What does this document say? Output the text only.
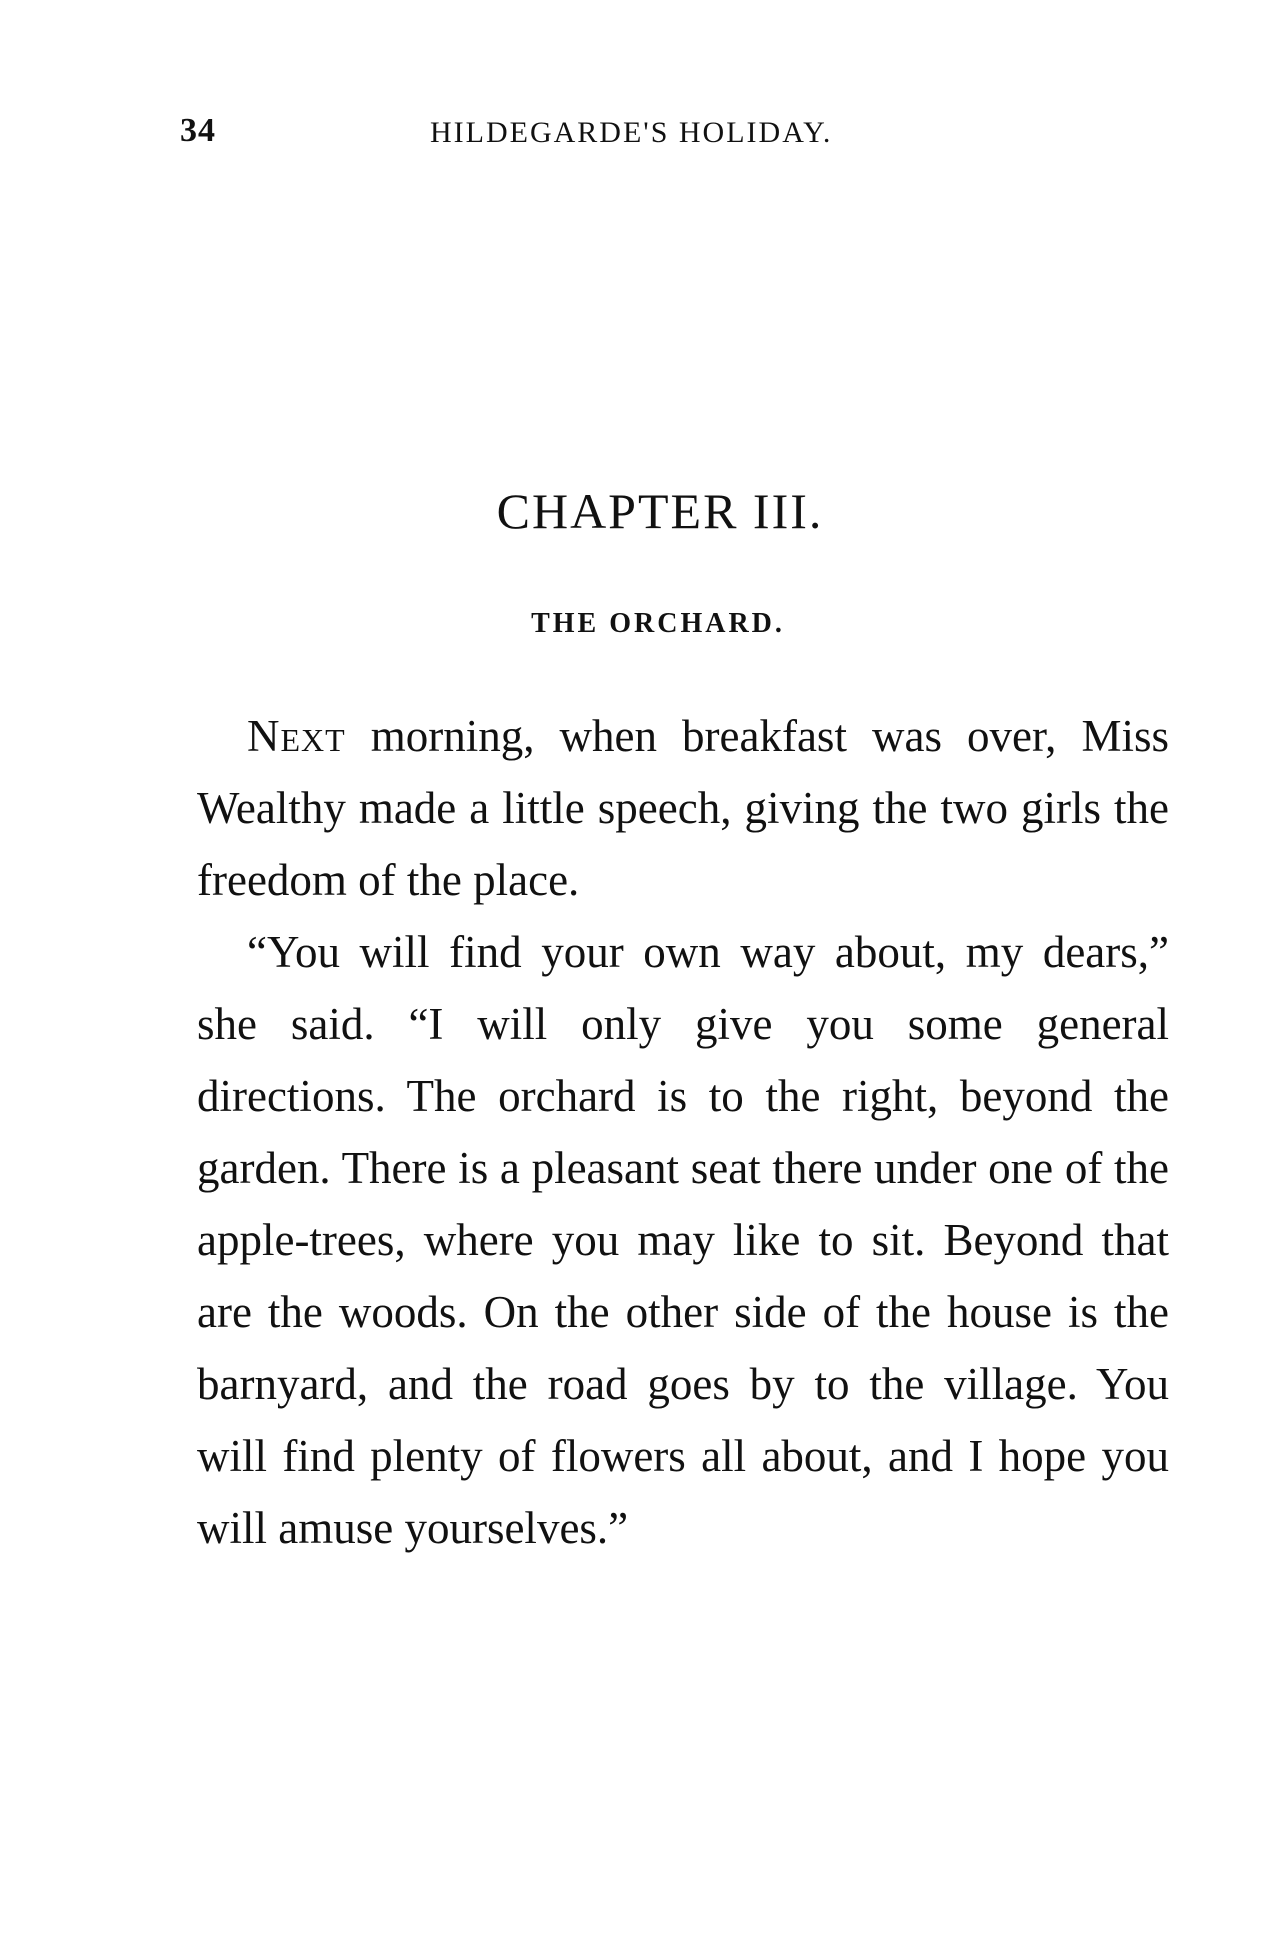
34	HILDEGARDE'S HOLIDAY.
CHAPTER III.
THE ORCHARD.

Next morning, when breakfast was over, Miss Wealthy made a little speech, giving the two girls the freedom of the place.

“You will find your own way about, my dears,” she said. “I will only give you some general directions. The orchard is to the right, beyond the garden. There is a pleasant seat there under one of the apple-trees, where you may like to sit. Beyond that are the woods. On the other side of the house is the barnyard, and the road goes by to the village. You will find plenty of flowers all about, and I hope you will amuse yourselves.”
